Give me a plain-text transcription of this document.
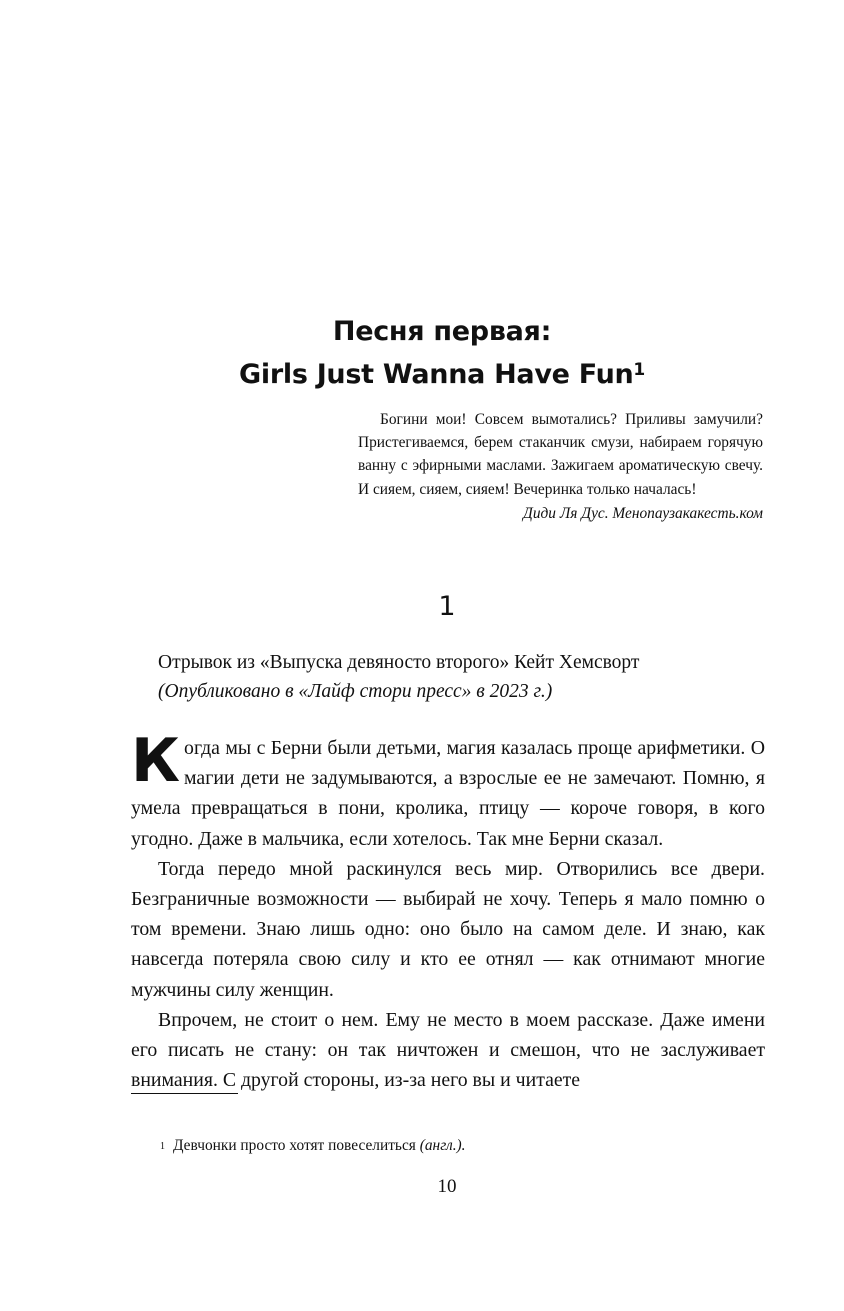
Песня первая:
Girls Just Wanna Have Fun$^1$

Богини мои! Совсем вымотались? Приливы замучили? Пристегиваемся, берем стаканчик смузи, набираем горячую ванну с эфирными маслами. Зажигаем ароматическую свечу. И сияем, сияем, сияем! Вечеринка только началась!

Диди Ля Дус. Менопаузакакесть.ком

1

Отрывок из «Выпуска девяносто второго» Кейт Хемсворт

(Опубликовано в «Лайф стори пресс» в 2023 г.)

Когда мы с Берни были детьми, магия казалась проще арифметики. О магии дети не задумываются, а взрослые ее не замечают. Помню, я умела превращаться в пони, кролика, птицу — короче говоря, в кого угодно. Даже в мальчика, если хотелось. Так мне Берни сказал.

Тогда передо мной раскинулся весь мир. Отворились все двери. Безграничные возможности — выбирай не хочу. Теперь я мало помню о том времени. Знаю лишь одно: оно было на самом деле. И знаю, как навсегда потеряла свою силу и кто ее отнял — как отнимают многие мужчины силу женщин.

Впрочем, не стоит о нем. Ему не место в моем рассказе. Даже имени его писать не стану: он так ничтожен и смешон, что не заслуживает внимания. С другой стороны, из-за него вы и читаете

$^1$ Девчонки просто хотят повеселиться (англ.).
10
